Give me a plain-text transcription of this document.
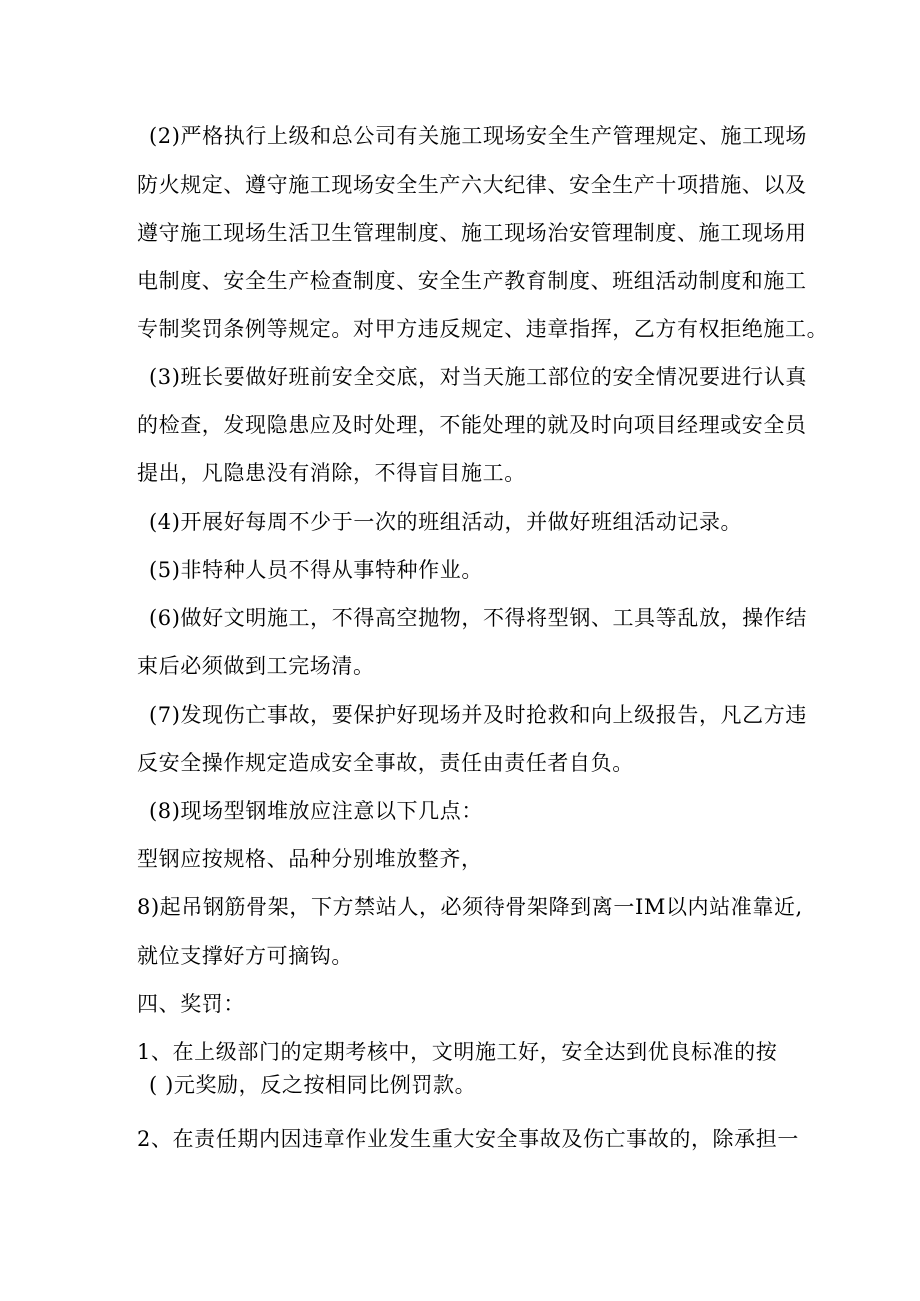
(2)严格执行上级和总公司有关施工现场安全生产管理规定、施工现场
防火规定、遵守施工现场安全生产六大纪律、安全生产十项措施、以及
遵守施工现场生活卫生管理制度、施工现场治安管理制度、施工现场用
电制度、安全生产检查制度、安全生产教育制度、班组活动制度和施工
专制奖罚条例等规定。对甲方违反规定、违章指挥，乙方有权拒绝施工。
(3)班长要做好班前安全交底，对当天施工部位的安全情况要进行认真
的检查，发现隐患应及时处理，不能处理的就及时向项目经理或安全员
提出，凡隐患没有消除，不得盲目施工。
(4)开展好每周不少于一次的班组活动，并做好班组活动记录。
(5)非特种人员不得从事特种作业。
(6)做好文明施工，不得高空抛物，不得将型钢、工具等乱放，操作结
束后必须做到工完场清。
(7)发现伤亡事故，要保护好现场并及时抢救和向上级报告，凡乙方违
反安全操作规定造成安全事故，责任由责任者自负。
(8)现场型钢堆放应注意以下几点：
型钢应按规格、品种分别堆放整齐，
8)起吊钢筋骨架，下方禁站人，必须待骨架降到离一IM以内站准靠近,
就位支撑好方可摘钩。
四、奖罚：
1、在上级部门的定期考核中，文明施工好，安全达到优良标准的按
( )元奖励，反之按相同比例罚款。
2、在责任期内因违章作业发生重大安全事故及伤亡事故的，除承担一
